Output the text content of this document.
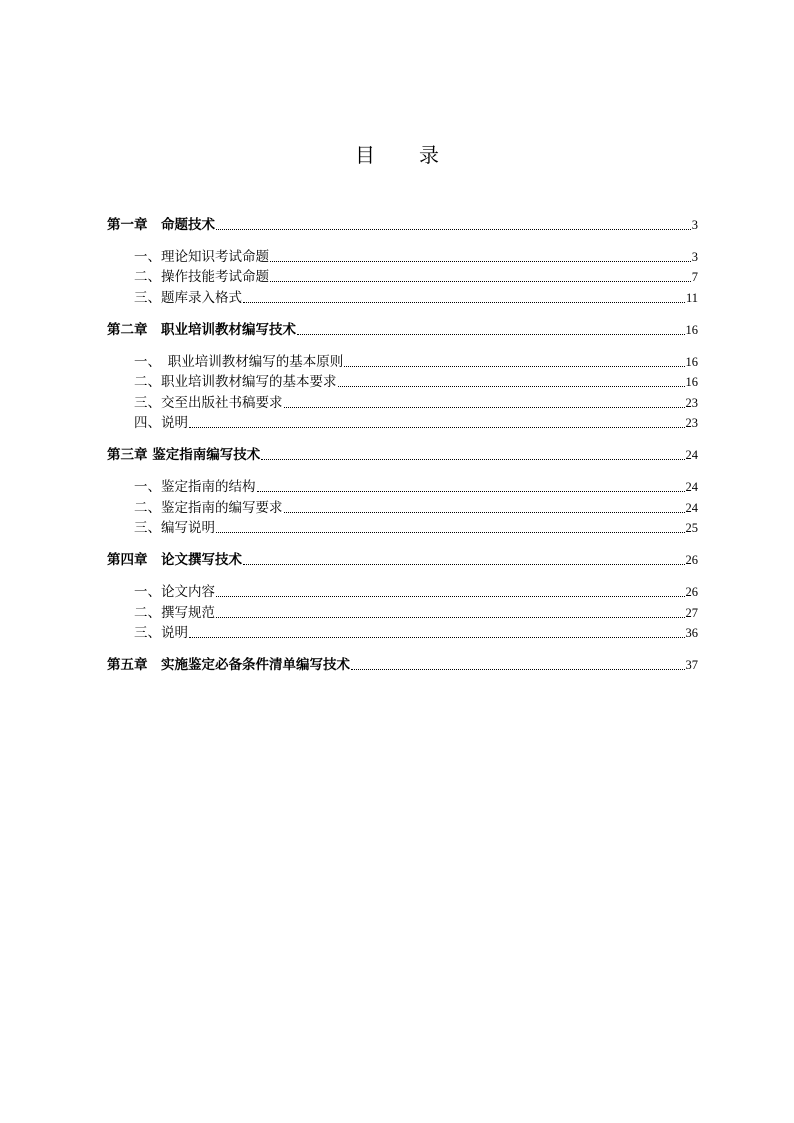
目　录
第一章　命题技术	3
一、理论知识考试命题	3
二、操作技能考试命题	7
三、题库录入格式	11
第二章　职业培训教材编写技术	16
一、　职业培训教材编写的基本原则	16
二、职业培训教材编写的基本要求	16
三、交至出版社书稿要求	23
四、说明	23
第三章 鉴定指南编写技术	24
一、鉴定指南的结构	24
二、鉴定指南的编写要求	24
三、编写说明	25
第四章　论文撰写技术	26
一、论文内容	26
二、撰写规范	27
三、说明	36
第五章　实施鉴定必备条件清单编写技术	37
